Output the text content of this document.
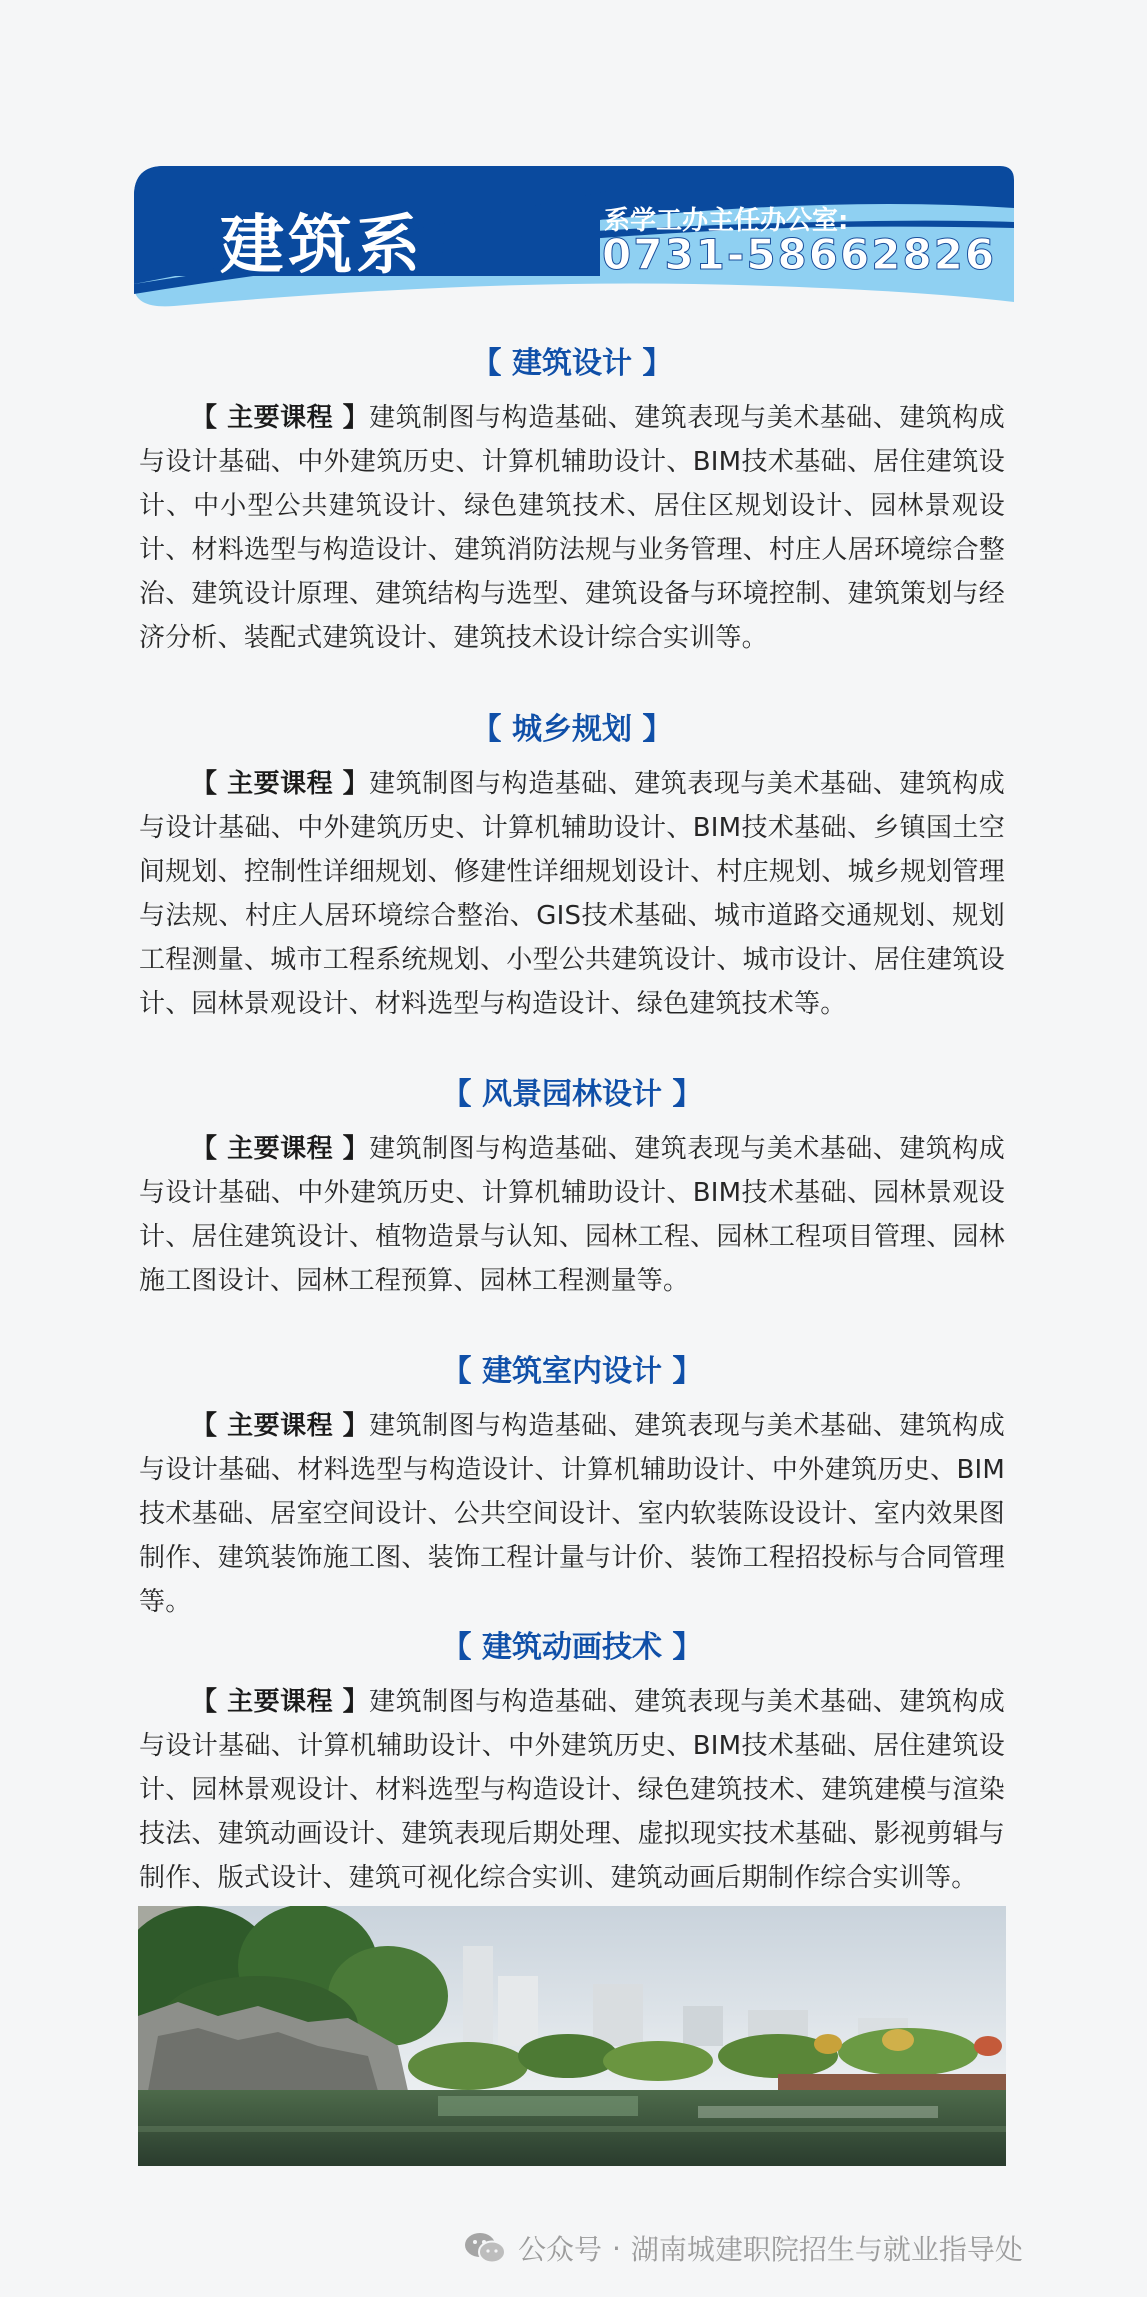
建筑系	系学工办主任办公室:
0731-58662826
【 建筑设计 】

【 主要课程 】建筑制图与构造基础、建筑表现与美术基础、建筑构成与设计基础、中外建筑历史、计算机辅助设计、BIM技术基础、居住建筑设计、中小型公共建筑设计、绿色建筑技术、居住区规划设计、园林景观设计、材料选型与构造设计、建筑消防法规与业务管理、村庄人居环境综合整治、建筑设计原理、建筑结构与选型、建筑设备与环境控制、建筑策划与经济分析、装配式建筑设计、建筑技术设计综合实训等。

【 城乡规划 】

【 主要课程 】建筑制图与构造基础、建筑表现与美术基础、建筑构成与设计基础、中外建筑历史、计算机辅助设计、BIM技术基础、乡镇国土空间规划、控制性详细规划、修建性详细规划设计、村庄规划、城乡规划管理与法规、村庄人居环境综合整治、GIS技术基础、城市道路交通规划、规划工程测量、城市工程系统规划、小型公共建筑设计、城市设计、居住建筑设计、园林景观设计、材料选型与构造设计、绿色建筑技术等。

【 风景园林设计 】

【 主要课程 】建筑制图与构造基础、建筑表现与美术基础、建筑构成与设计基础、中外建筑历史、计算机辅助设计、BIM技术基础、园林景观设计、居住建筑设计、植物造景与认知、园林工程、园林工程项目管理、园林施工图设计、园林工程预算、园林工程测量等。

【 建筑室内设计 】

【 主要课程 】建筑制图与构造基础、建筑表现与美术基础、建筑构成与设计基础、材料选型与构造设计、计算机辅助设计、中外建筑历史、BIM技术基础、居室空间设计、公共空间设计、室内软装陈设设计、室内效果图制作、建筑装饰施工图、装饰工程计量与计价、装饰工程招投标与合同管理等。

【 建筑动画技术 】

【 主要课程 】建筑制图与构造基础、建筑表现与美术基础、建筑构成与设计基础、计算机辅助设计、中外建筑历史、BIM技术基础、居住建筑设计、园林景观设计、材料选型与构造设计、绿色建筑技术、建筑建模与渲染技法、建筑动画设计、建筑表现后期处理、虚拟现实技术基础、影视剪辑与制作、版式设计、建筑可视化综合实训、建筑动画后期制作综合实训等。

公众号 · 湖南城建职院招生与就业指导处
